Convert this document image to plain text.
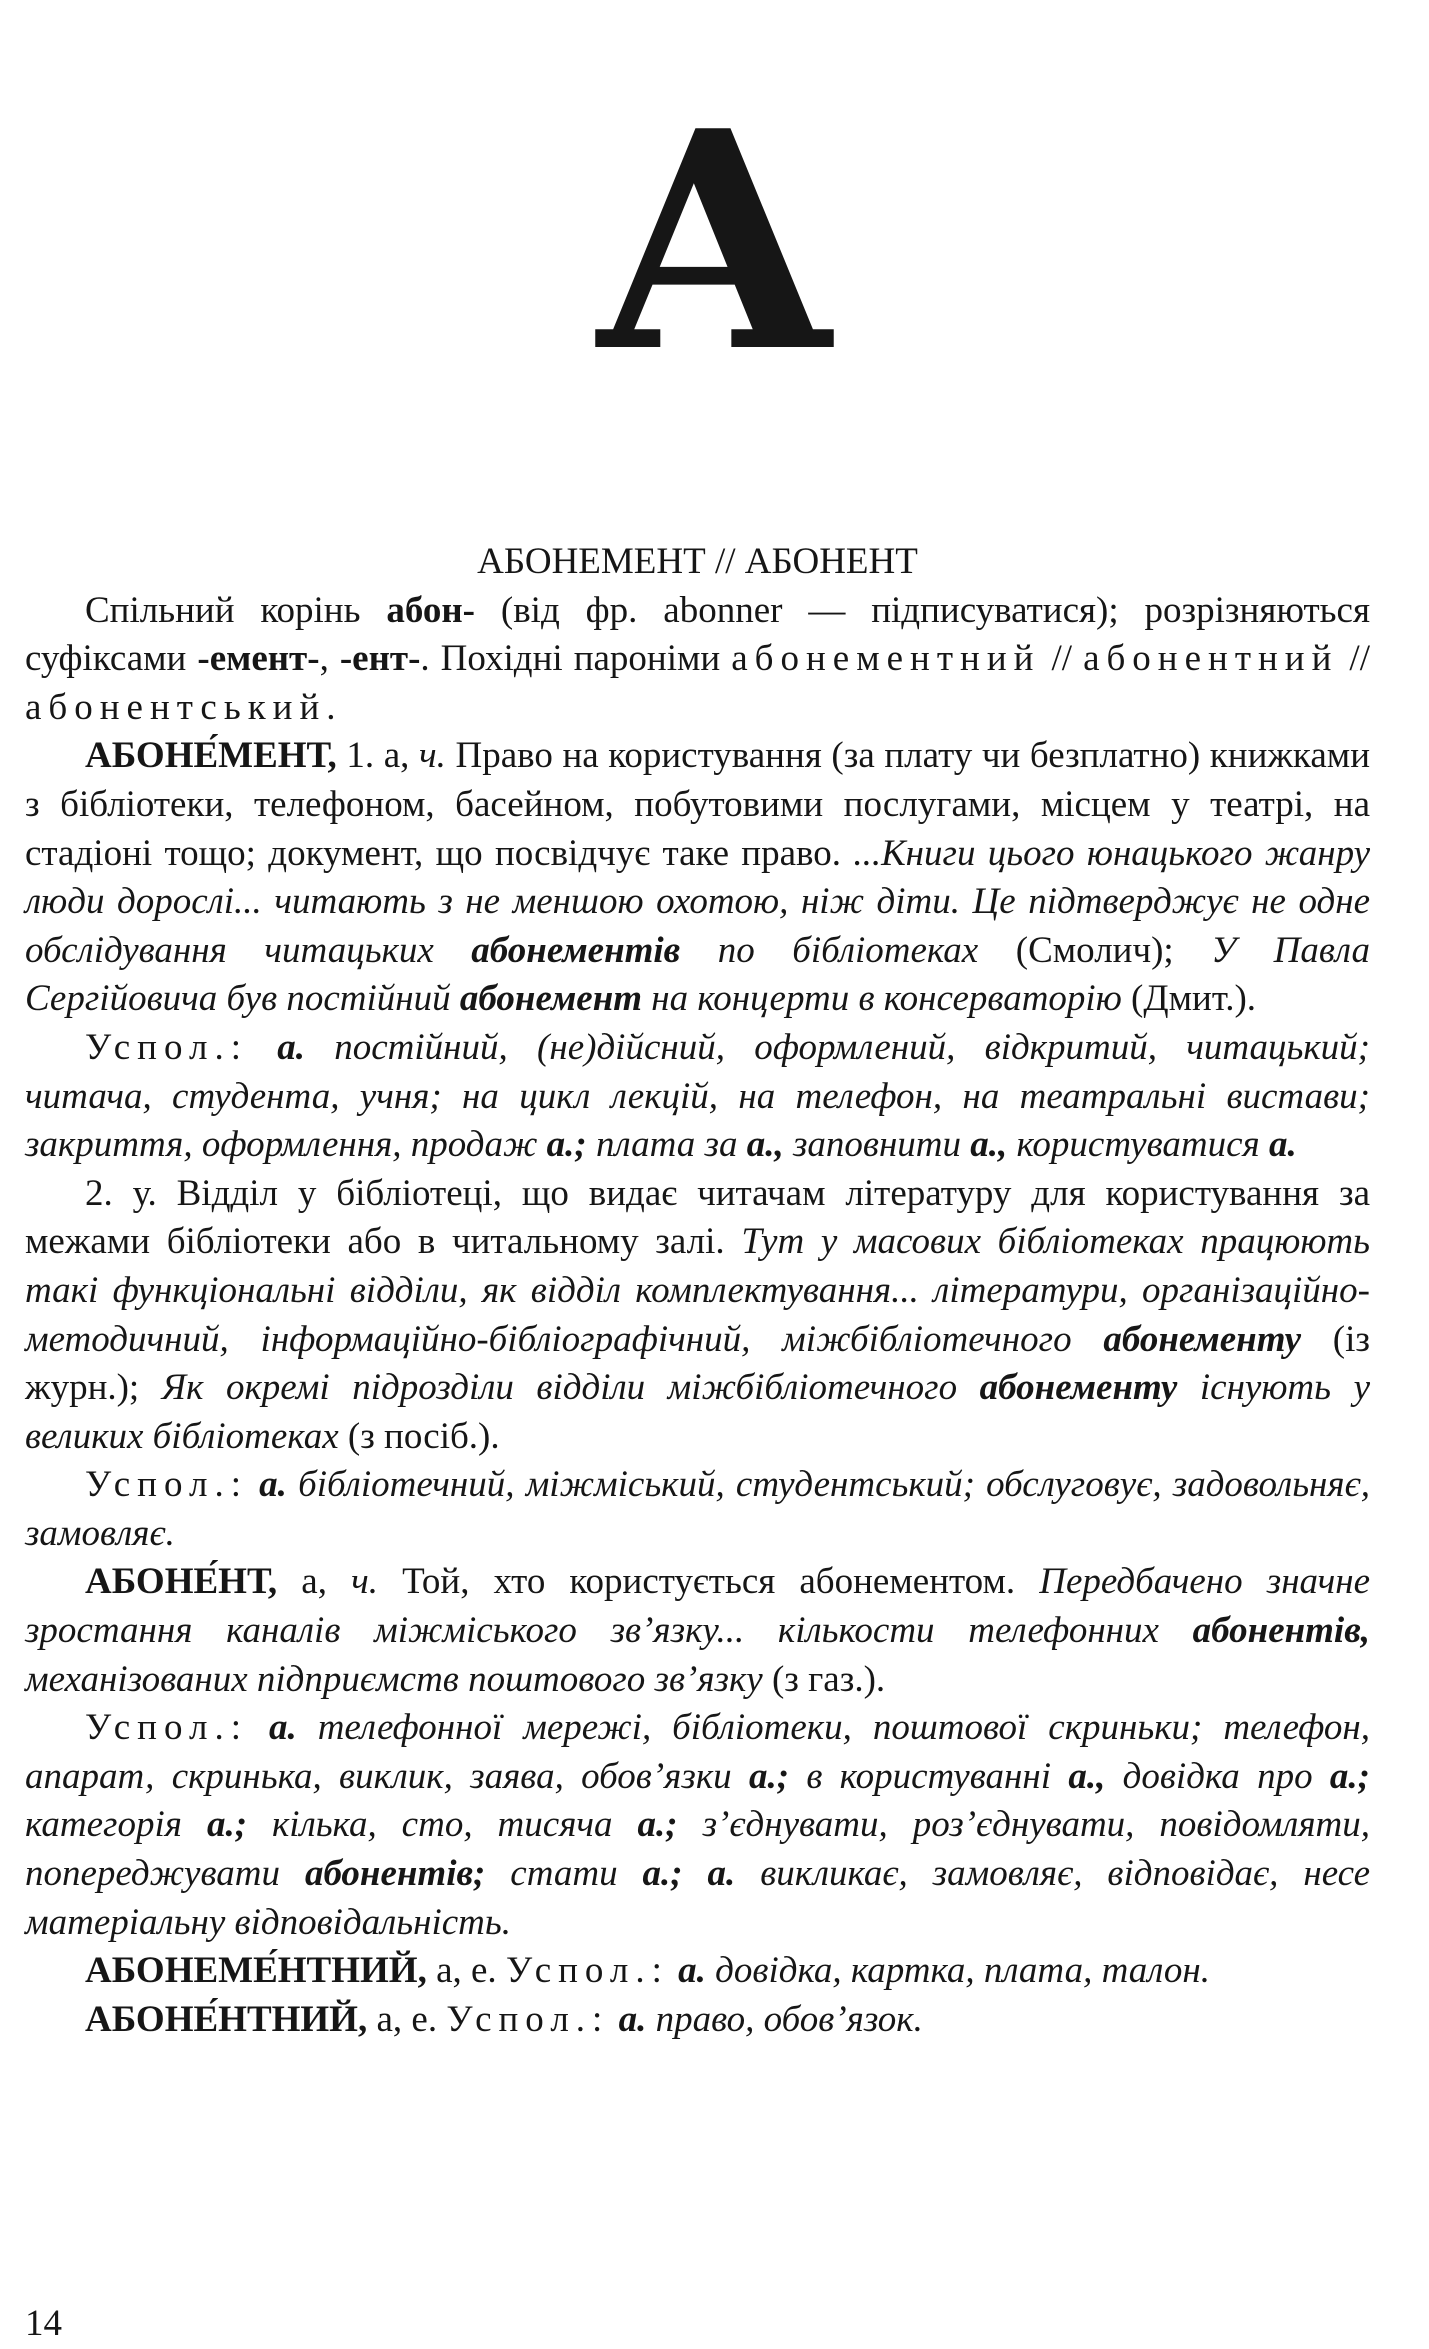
А

АБОНЕМЕНТ // АБОНЕНТ

Спільний корінь абон- (від фр. abonner — підписуватися); розрізняються суфіксами -емент-, -ент-. Похідні пароніми абонементний // абонентний // абонентський.

АБОНЕ́МЕНТ, 1. а, ч. Право на користування (за плату чи безплатно) книжками з бібліотеки, телефоном, басейном, побутовими послугами, місцем у театрі, на стадіоні тощо; документ, що посвідчує таке право. ...Книги цього юнацького жанру люди дорослі... читають з не меншою охотою, ніж діти. Це підтверджує не одне обслідування читацьких абонементів по бібліотеках (Смолич); У Павла Сергійовича був постійний абонемент на концерти в консерваторію (Дмит.).

Успол.: а. постійний, (не)дійсний, оформлений, відкритий, читацький; читача, студента, учня; на цикл лекцій, на телефон, на театральні вистави; закриття, оформлення, продаж а.; плата за а., заповнити а., користуватися а.

2. у. Відділ у бібліотеці, що видає читачам літературу для користування за межами бібліотеки або в читальному залі. Тут у масових бібліотеках працюють такі функціональні відділи, як відділ комплектування... літератури, організаційно-методичний, інформаційно-бібліографічний, міжбібліотечного абонементу (із журн.); Як окремі підрозділи відділи міжбібліотечного абонементу існують у великих бібліотеках (з посіб.).

Успол.: а. бібліотечний, міжміський, студентський; обслуговує, задовольняє, замовляє.

АБОНЕ́НТ, а, ч. Той, хто користується абонементом. Передбачено значне зростання каналів міжміського зв’язку... кількости телефонних абонентів, механізованих підприємств поштового зв’язку (з газ.).

Успол.: а. телефонної мережі, бібліотеки, поштової скриньки; телефон, апарат, скринька, виклик, заява, обов’язки а.; в користуванні а., довідка про а.; категорія а.; кілька, сто, тисяча а.; з’єднувати, роз’єднувати, повідомляти, попереджувати абонентів; стати а.; а. викликає, замовляє, відповідає, несе матеріальну відповідальність.

АБОНЕМЕ́НТНИЙ, а, е. Успол.: а. довідка, картка, плата, талон.

АБОНЕ́НТНИЙ, а, е. Успол.: а. право, обов’язок.

14
